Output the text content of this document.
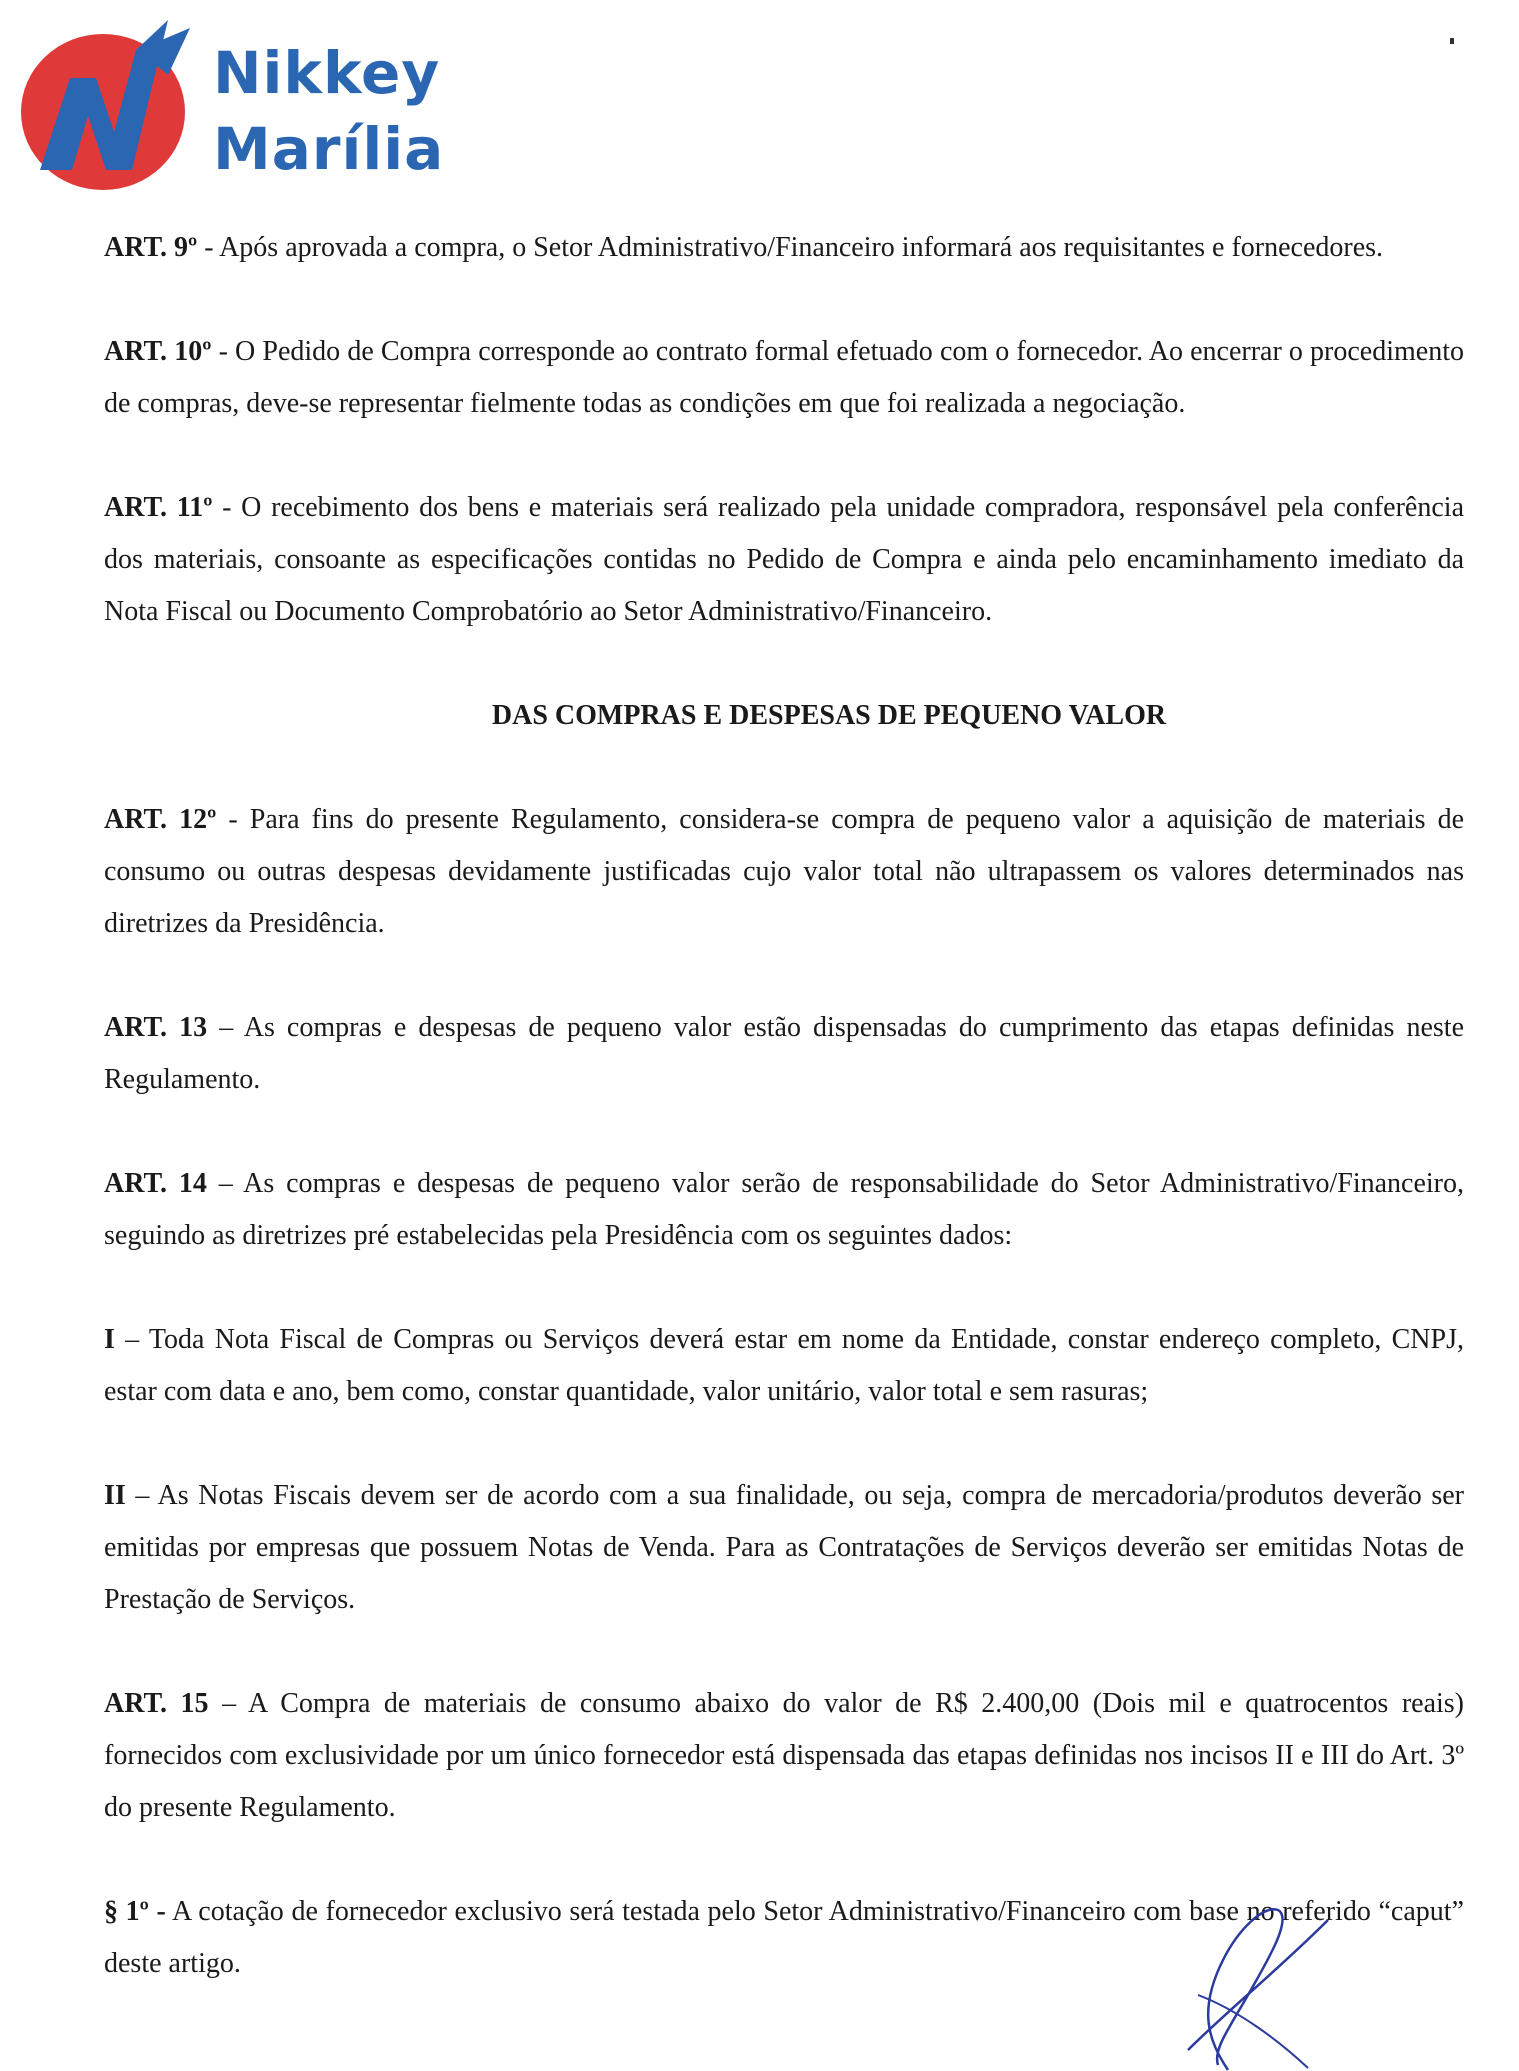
Nikkey
Marília

ART. 9º - Após aprovada a compra, o Setor Administrativo/Financeiro informará aos requisitantes e fornecedores.

ART. 10º - O Pedido de Compra corresponde ao contrato formal efetuado com o fornecedor. Ao encerrar o procedimento de compras, deve-se representar fielmente todas as condições em que foi realizada a negociação.

ART. 11º - O recebimento dos bens e materiais será realizado pela unidade compradora, responsável pela conferência dos materiais, consoante as especificações contidas no Pedido de Compra e ainda pelo encaminhamento imediato da Nota Fiscal ou Documento Comprobatório ao Setor Administrativo/Financeiro.

DAS COMPRAS E DESPESAS DE PEQUENO VALOR

ART. 12º - Para fins do presente Regulamento, considera-se compra de pequeno valor a aquisição de materiais de consumo ou outras despesas devidamente justificadas cujo valor total não ultrapassem os valores determinados nas diretrizes da Presidência.

ART. 13 – As compras e despesas de pequeno valor estão dispensadas do cumprimento das etapas definidas neste Regulamento.

ART. 14 – As compras e despesas de pequeno valor serão de responsabilidade do Setor Administrativo/Financeiro, seguindo as diretrizes pré estabelecidas pela Presidência com os seguintes dados:

I – Toda Nota Fiscal de Compras ou Serviços deverá estar em nome da Entidade, constar endereço completo, CNPJ, estar com data e ano, bem como, constar quantidade, valor unitário, valor total e sem rasuras;

II – As Notas Fiscais devem ser de acordo com a sua finalidade, ou seja, compra de mercadoria/produtos deverão ser emitidas por empresas que possuem Notas de Venda. Para as Contratações de Serviços deverão ser emitidas Notas de Prestação de Serviços.

ART. 15 – A Compra de materiais de consumo abaixo do valor de R$ 2.400,00 (Dois mil e quatrocentos reais) fornecidos com exclusividade por um único fornecedor está dispensada das etapas definidas nos incisos II e III do Art. 3º do presente Regulamento.

§ 1º - A cotação de fornecedor exclusivo será testada pelo Setor Administrativo/Financeiro com base no referido “caput” deste artigo.
